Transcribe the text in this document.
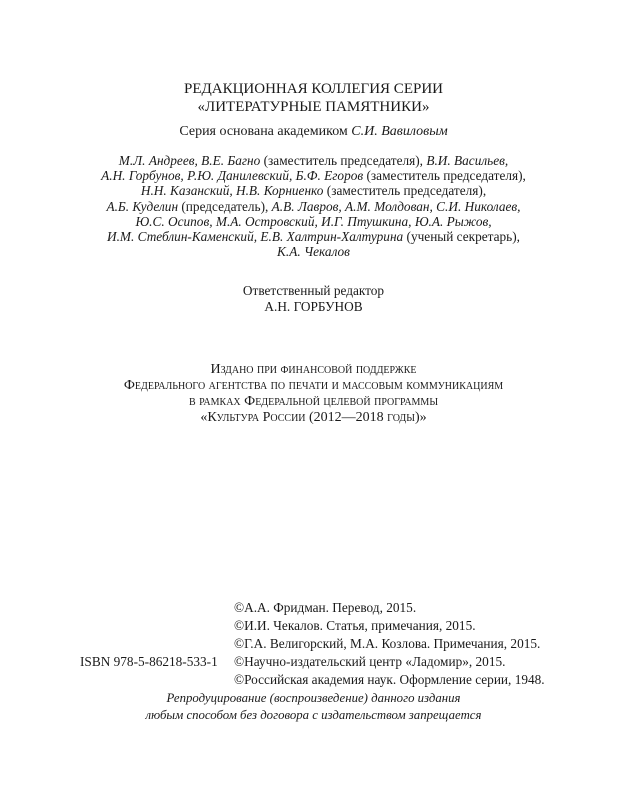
РЕДАКЦИОННАЯ КОЛЛЕГИЯ СЕРИИ
«ЛИТЕРАТУРНЫЕ ПАМЯТНИКИ»
Серия основана академиком С.И. Вавиловым
М.Л. Андреев, В.Е. Багно (заместитель председателя), В.И. Васильев,
А.Н. Горбунов, Р.Ю. Данилевский, Б.Ф. Егоров (заместитель председателя),
Н.Н. Казанский, Н.В. Корниенко (заместитель председателя),
А.Б. Куделин (председатель), А.В. Лавров, А.М. Молдован, С.И. Николаев,
Ю.С. Осипов, М.А. Островский, И.Г. Птушкина, Ю.А. Рыжов,
И.М. Стеблин-Каменский, Е.В. Халтрин-Халтурина (ученый секретарь),
К.А. Чекалов
Ответственный редактор
А.Н. ГОРБУНОВ
Издано при финансовой поддержке
Федерального агентства по печати и массовым коммуникациям
в рамках Федеральной целевой программы
«Культура России (2012—2018 годы)»
©А.А. Фридман. Перевод, 2015.
©И.И. Чекалов. Статья, примечания, 2015.
©Г.А. Велигорский, М.А. Козлова. Примечания, 2015.
©Научно-издательский центр «Ладомир», 2015.
©Российская академия наук. Оформление серии, 1948.
ISBN 978-5-86218-533-1
Репродуцирование (воспроизведение) данного издания
любым способом без договора с издательством запрещается
